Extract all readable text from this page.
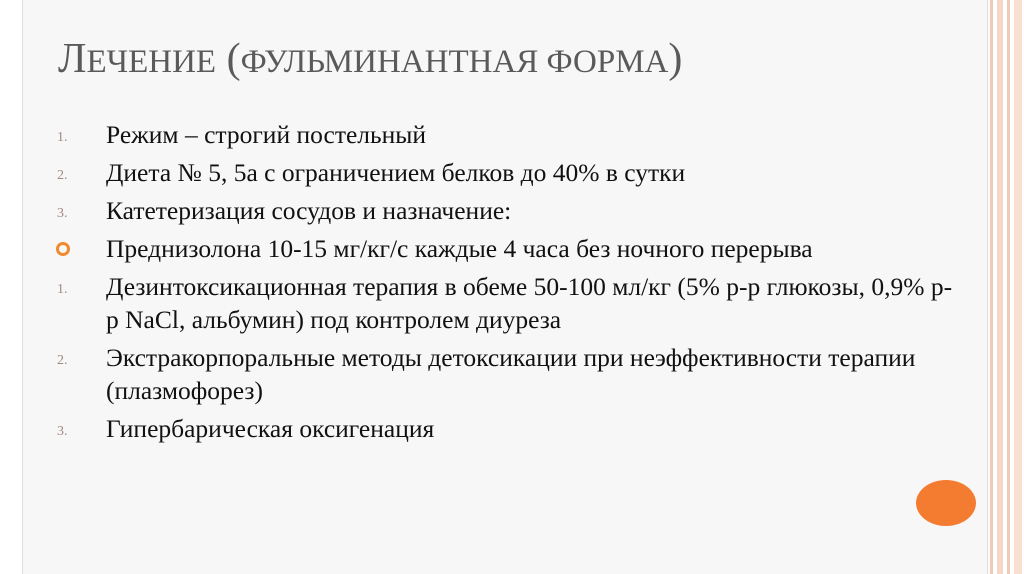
ЛЕЧЕНИЕ (ФУЛЬМИНАНТНАЯ ФОРМА)
1. Режим – строгий постельный
2. Диета № 5, 5а с ограничением белков до 40% в сутки
3. Катетеризация сосудов и назначение:
Преднизолона 10-15 мг/кг/с каждые 4 часа без ночного перерыва
1. Дезинтоксикационная терапия в обеме 50-100 мл/кг (5% р-р глюкозы, 0,9% р-р NaCl, альбумин) под контролем диуреза
2. Экстракорпоральные методы детоксикации при неэффективности терапии (плазмофорез)
3. Гипербарическая оксигенация
